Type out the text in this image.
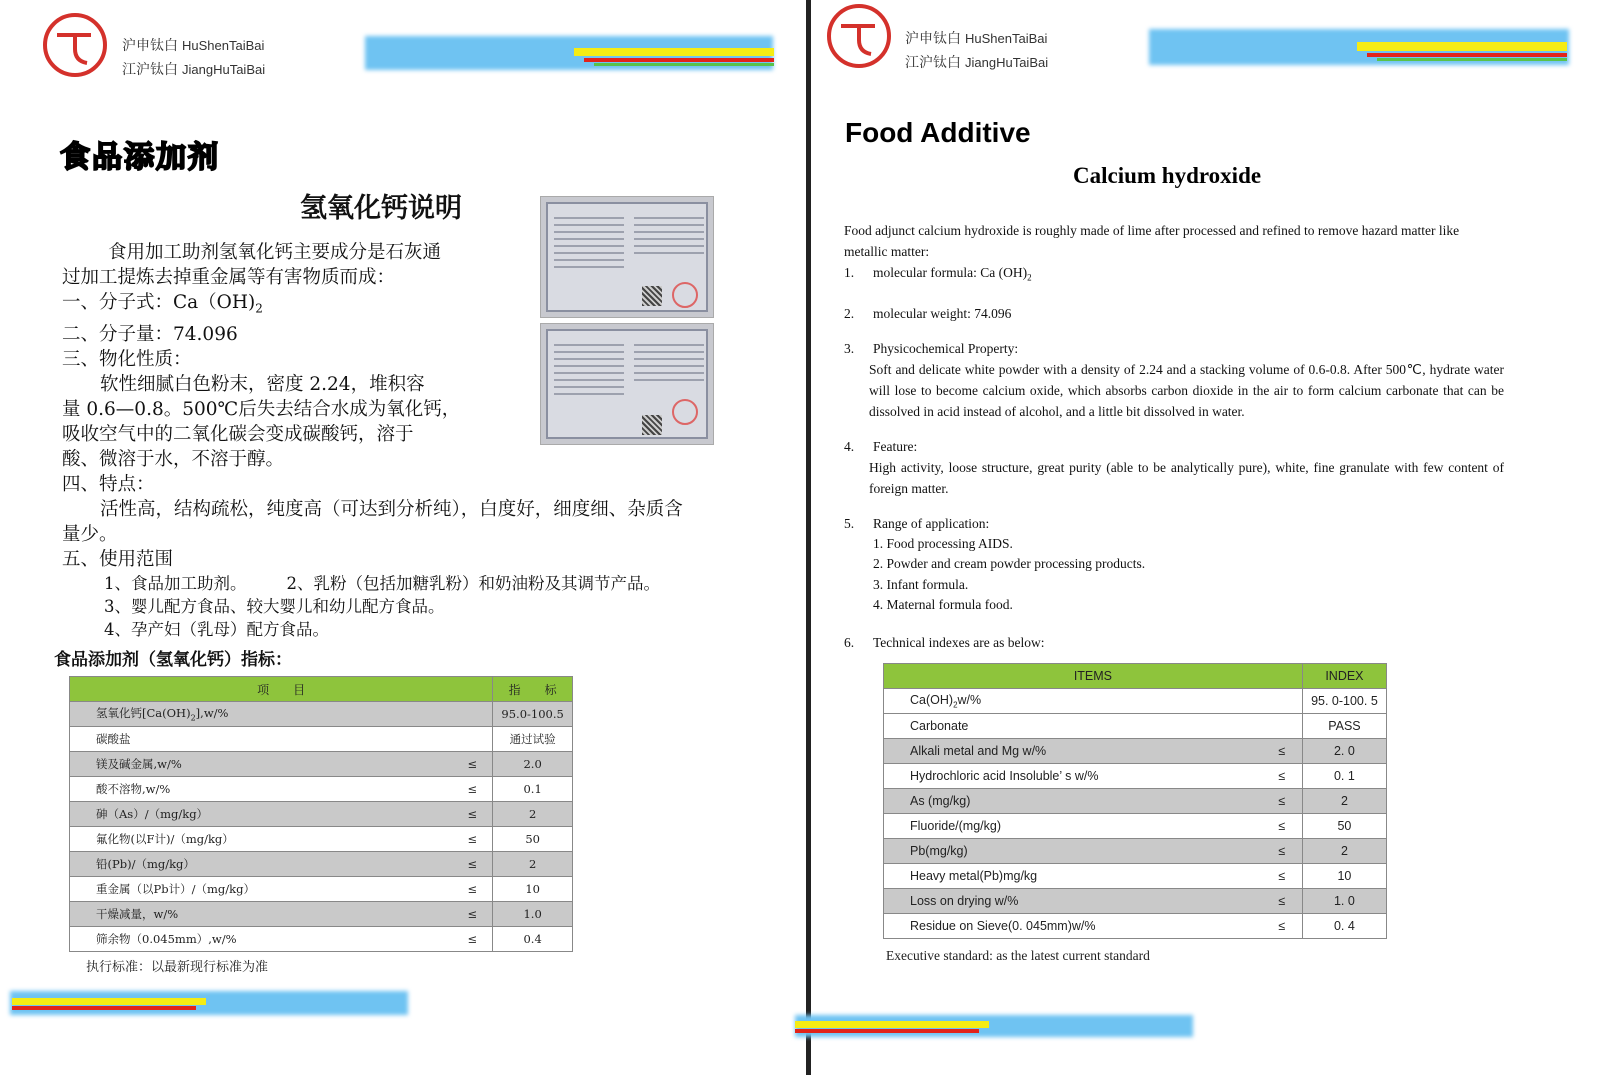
沪申钛白 HuShenTaiBai
江沪钛白 JiangHuTaiBai
食品添加剂
氢氧化钙说明

食用加工助剂氢氧化钙主要成分是石灰通

过加工提炼去掉重金属等有害物质而成：

一、分子式：$Ca(OH)_2$

二、分子量：74.096

三、物化性质：

软性细腻白色粉末，密度 2.24，堆积容

量 0.6—0.8。500℃后失去结合水成为氧化钙，

吸收空气中的二氧化碳会变成碳酸钙，溶于

酸、微溶于水，不溶于醇。

四、特点：

活性高，结构疏松，纯度高（可达到分析纯），白度好，细度细、杂质含

量少。

五、使用范围

1、食品加工助剂。 2、乳粉（包括加糖乳粉）和奶油粉及其调节产品。

3、婴儿配方食品、较大婴儿和幼儿配方食品。

4、孕产妇（乳母）配方食品。

食品添加剂（氢氧化钙）指标：
项　　目		指　　标
氢氧化钙$[Ca(OH)_2],w/\%$		95.0-100.5
碳酸盐		通过试验
镁及碱金属,w/%	≤	2.0
酸不溶物,w/%	≤	0.1
砷（As）/（mg/kg）	≤	2
氟化物(以F计)/（mg/kg）	≤	50
铅(Pb)/（mg/kg）	≤	2
重金属（以Pb计）/（mg/kg）	≤	10
干燥减量，w/%	≤	1.0
筛余物（0.045mm）,w/%	≤	0.4
执行标准：以最新现行标准为准
沪申钛白 HuShenTaiBai
江沪钛白 JiangHuTaiBai
Food Additive
Calcium hydroxide

Food adjunct calcium hydroxide is roughly made of lime after processed and refined to remove hazard matter like metallic matter:

1. molecular formula: Ca $(OH)_2$

2. molecular weight: 74.096

3. Physicochemical Property:

Soft and delicate white powder with a density of 2.24 and a stacking volume of 0.6-0.8. After 500℃, hydrate water will lose to become calcium oxide, which absorbs carbon dioxide in the air to form calcium carbonate that can be dissolved in acid instead of alcohol, and a little bit dissolved in water.

4. Feature:

High activity, loose structure, great purity (able to be analytically pure), white, fine granulate with few content of foreign matter.

5. Range of application:

1. Food processing AIDS.

2. Powder and cream powder processing products.

3. Infant formula.

4. Maternal formula food.

6. Technical indexes are as below:

ITEMS		INDEX
$Ca(OH)_2w/\%$		95. 0-100. 5
Carbonate		PASS
Alkali metal and Mg w/%	≤	2. 0
Hydrochloric acid Insoluble’ s w/%	≤	0. 1
As (mg/kg)	≤	2
Fluoride/(mg/kg)	≤	50
Pb(mg/kg)	≤	2
Heavy metal(Pb)mg/kg	≤	10
Loss on drying w/%	≤	1. 0
Residue on Sieve(0. 045mm)w/%	≤	0. 4
Executive standard: as the latest current standard
